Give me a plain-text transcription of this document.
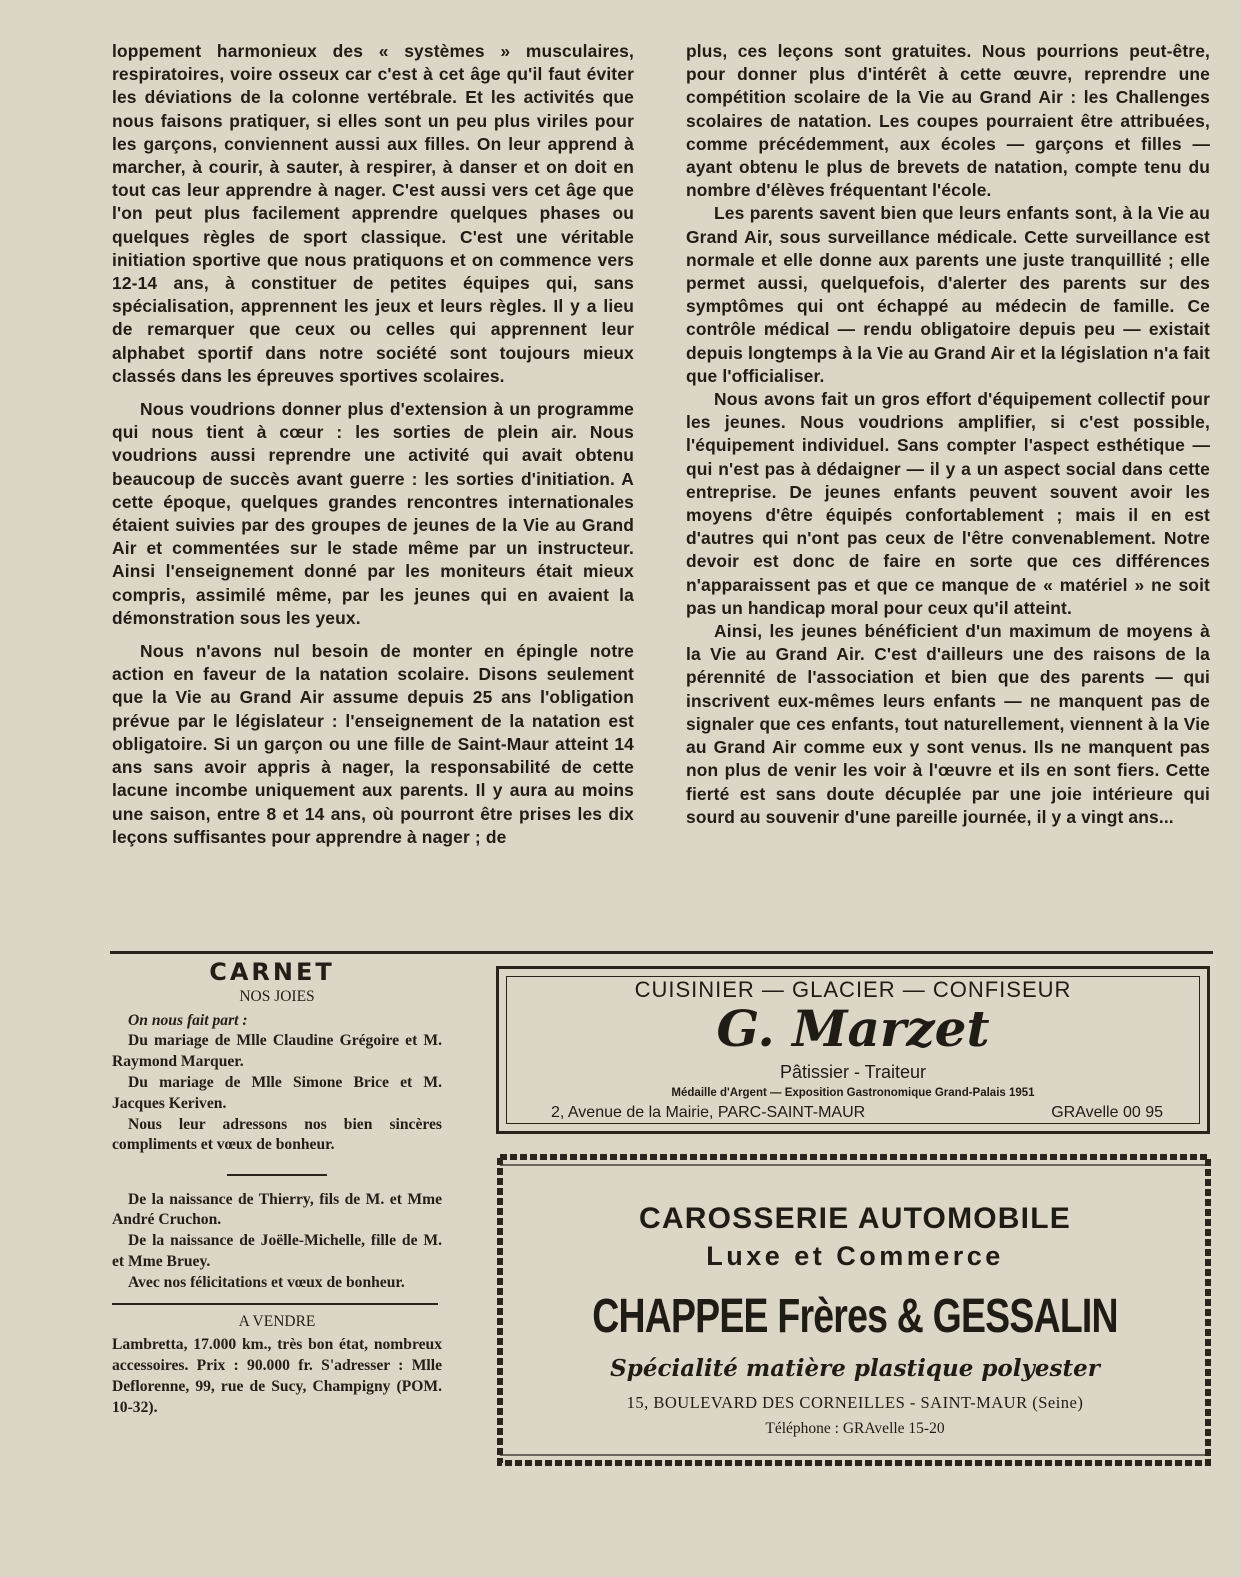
loppement harmonieux des « systèmes » musculaires, respiratoires, voire osseux car c'est à cet âge qu'il faut éviter les déviations de la colonne vertébrale. Et les activités que nous faisons pratiquer, si elles sont un peu plus viriles pour les garçons, conviennent aussi aux filles. On leur apprend à marcher, à courir, à sauter, à respirer, à danser et on doit en tout cas leur apprendre à nager. C'est aussi vers cet âge que l'on peut plus facilement apprendre quelques phases ou quelques règles de sport classique. C'est une véritable initiation sportive que nous pratiquons et on commence vers 12-14 ans, à constituer de petites équipes qui, sans spécialisation, apprennent les jeux et leurs règles. Il y a lieu de remarquer que ceux ou celles qui apprennent leur alphabet sportif dans notre société sont toujours mieux classés dans les épreuves sportives scolaires.

Nous voudrions donner plus d'extension à un programme qui nous tient à cœur : les sorties de plein air. Nous voudrions aussi reprendre une activité qui avait obtenu beaucoup de succès avant guerre : les sorties d'initiation. A cette époque, quelques grandes rencontres internationales étaient suivies par des groupes de jeunes de la Vie au Grand Air et commentées sur le stade même par un instructeur. Ainsi l'enseignement donné par les moniteurs était mieux compris, assimilé même, par les jeunes qui en avaient la démonstration sous les yeux.

Nous n'avons nul besoin de monter en épingle notre action en faveur de la natation scolaire. Disons seulement que la Vie au Grand Air assume depuis 25 ans l'obligation prévue par le législateur : l'enseignement de la natation est obligatoire. Si un garçon ou une fille de Saint-Maur atteint 14 ans sans avoir appris à nager, la responsabilité de cette lacune incombe uniquement aux parents. Il y aura au moins une saison, entre 8 et 14 ans, où pourront être prises les dix leçons suffisantes pour apprendre à nager ; de

plus, ces leçons sont gratuites. Nous pourrions peut-être, pour donner plus d'intérêt à cette œuvre, reprendre une compétition scolaire de la Vie au Grand Air : les Challenges scolaires de natation. Les coupes pourraient être attribuées, comme précédemment, aux écoles — garçons et filles — ayant obtenu le plus de brevets de natation, compte tenu du nombre d'élèves fréquentant l'école.

Les parents savent bien que leurs enfants sont, à la Vie au Grand Air, sous surveillance médicale. Cette surveillance est normale et elle donne aux parents une juste tranquillité ; elle permet aussi, quelquefois, d'alerter des parents sur des symptômes qui ont échappé au médecin de famille. Ce contrôle médical — rendu obligatoire depuis peu — existait depuis longtemps à la Vie au Grand Air et la législation n'a fait que l'officialiser.

Nous avons fait un gros effort d'équipement collectif pour les jeunes. Nous voudrions amplifier, si c'est possible, l'équipement individuel. Sans compter l'aspect esthétique — qui n'est pas à dédaigner — il y a un aspect social dans cette entreprise. De jeunes enfants peuvent souvent avoir les moyens d'être équipés confortablement ; mais il en est d'autres qui n'ont pas ceux de l'être convenablement. Notre devoir est donc de faire en sorte que ces différences n'apparaissent pas et que ce manque de « matériel » ne soit pas un handicap moral pour ceux qu'il atteint.

Ainsi, les jeunes bénéficient d'un maximum de moyens à la Vie au Grand Air. C'est d'ailleurs une des raisons de la pérennité de l'association et bien que des parents — qui inscrivent eux-mêmes leurs enfants — ne manquent pas de signaler que ces enfants, tout naturellement, viennent à la Vie au Grand Air comme eux y sont venus. Ils ne manquent pas non plus de venir les voir à l'œuvre et ils en sont fiers. Cette fierté est sans doute décuplée par une joie intérieure qui sourd au souvenir d'une pareille journée, il y a vingt ans...

CARNET
NOS JOIES

On nous fait part :

Du mariage de Mlle Claudine Grégoire et M. Raymond Marquer.

Du mariage de Mlle Simone Brice et M. Jacques Keriven.

Nous leur adressons nos bien sincères compliments et vœux de bonheur.

De la naissance de Thierry, fils de M. et Mme André Cruchon.

De la naissance de Joëlle-Michelle, fille de M. et Mme Bruey.

Avec nos félicitations et vœux de bonheur.

A VENDRE

Lambretta, 17.000 km., très bon état, nombreux accessoires. Prix : 90.000 fr. S'adresser : Mlle Deflorenne, 99, rue de Sucy, Champigny (POM. 10-32).

CUISINIER — GLACIER — CONFISEUR
G. Marzet
Pâtissier - Traiteur
Médaille d'Argent — Exposition Gastronomique Grand-Palais 1951
2, Avenue de la Mairie, PARC-SAINT-MAUR	GRAvelle 00 95
CAROSSERIE AUTOMOBILE
Luxe et Commerce
CHAPPEE Frères & GESSALIN
Spécialité matière plastique polyester
15, BOULEVARD DES CORNEILLES - SAINT-MAUR (Seine)
Téléphone : GRAvelle 15-20
